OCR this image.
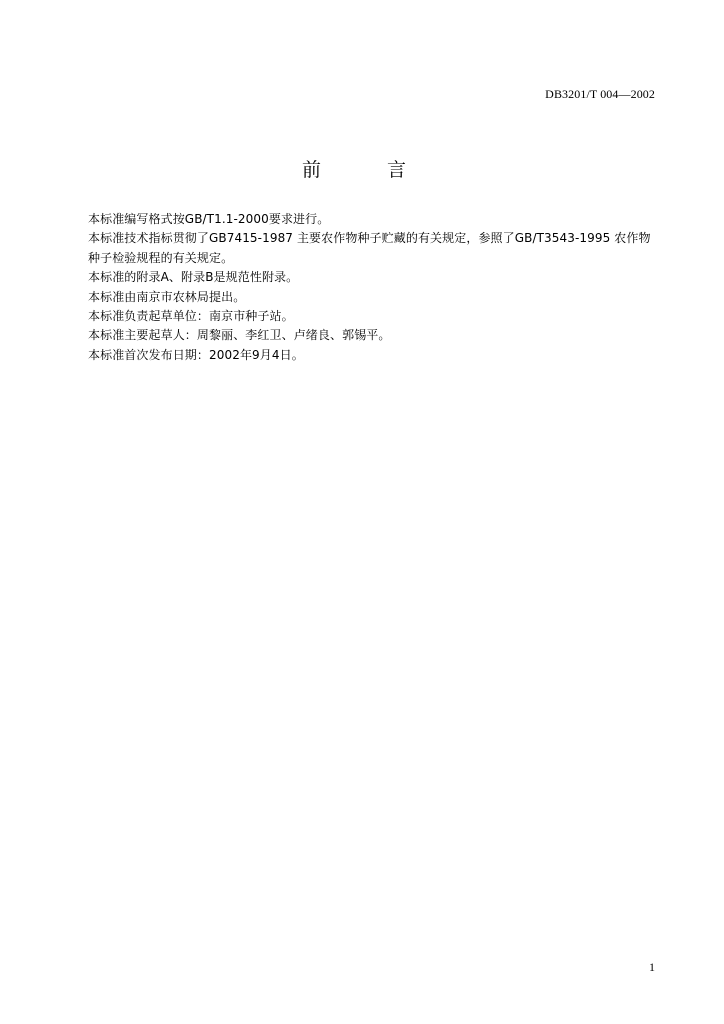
DB3201/T 004—2002
前 言

本标准编写格式按GB/T1.1-2000要求进行。

本标准技术指标贯彻了GB7415-1987 主要农作物种子贮藏的有关规定，参照了GB/T3543-1995 农作物种子检验规程的有关规定。

本标准的附录A、附录B是规范性附录。

本标准由南京市农林局提出。

本标准负责起草单位：南京市种子站。

本标准主要起草人：周黎丽、李红卫、卢绪良、郭锡平。

本标准首次发布日期：2002年9月4日。

1
